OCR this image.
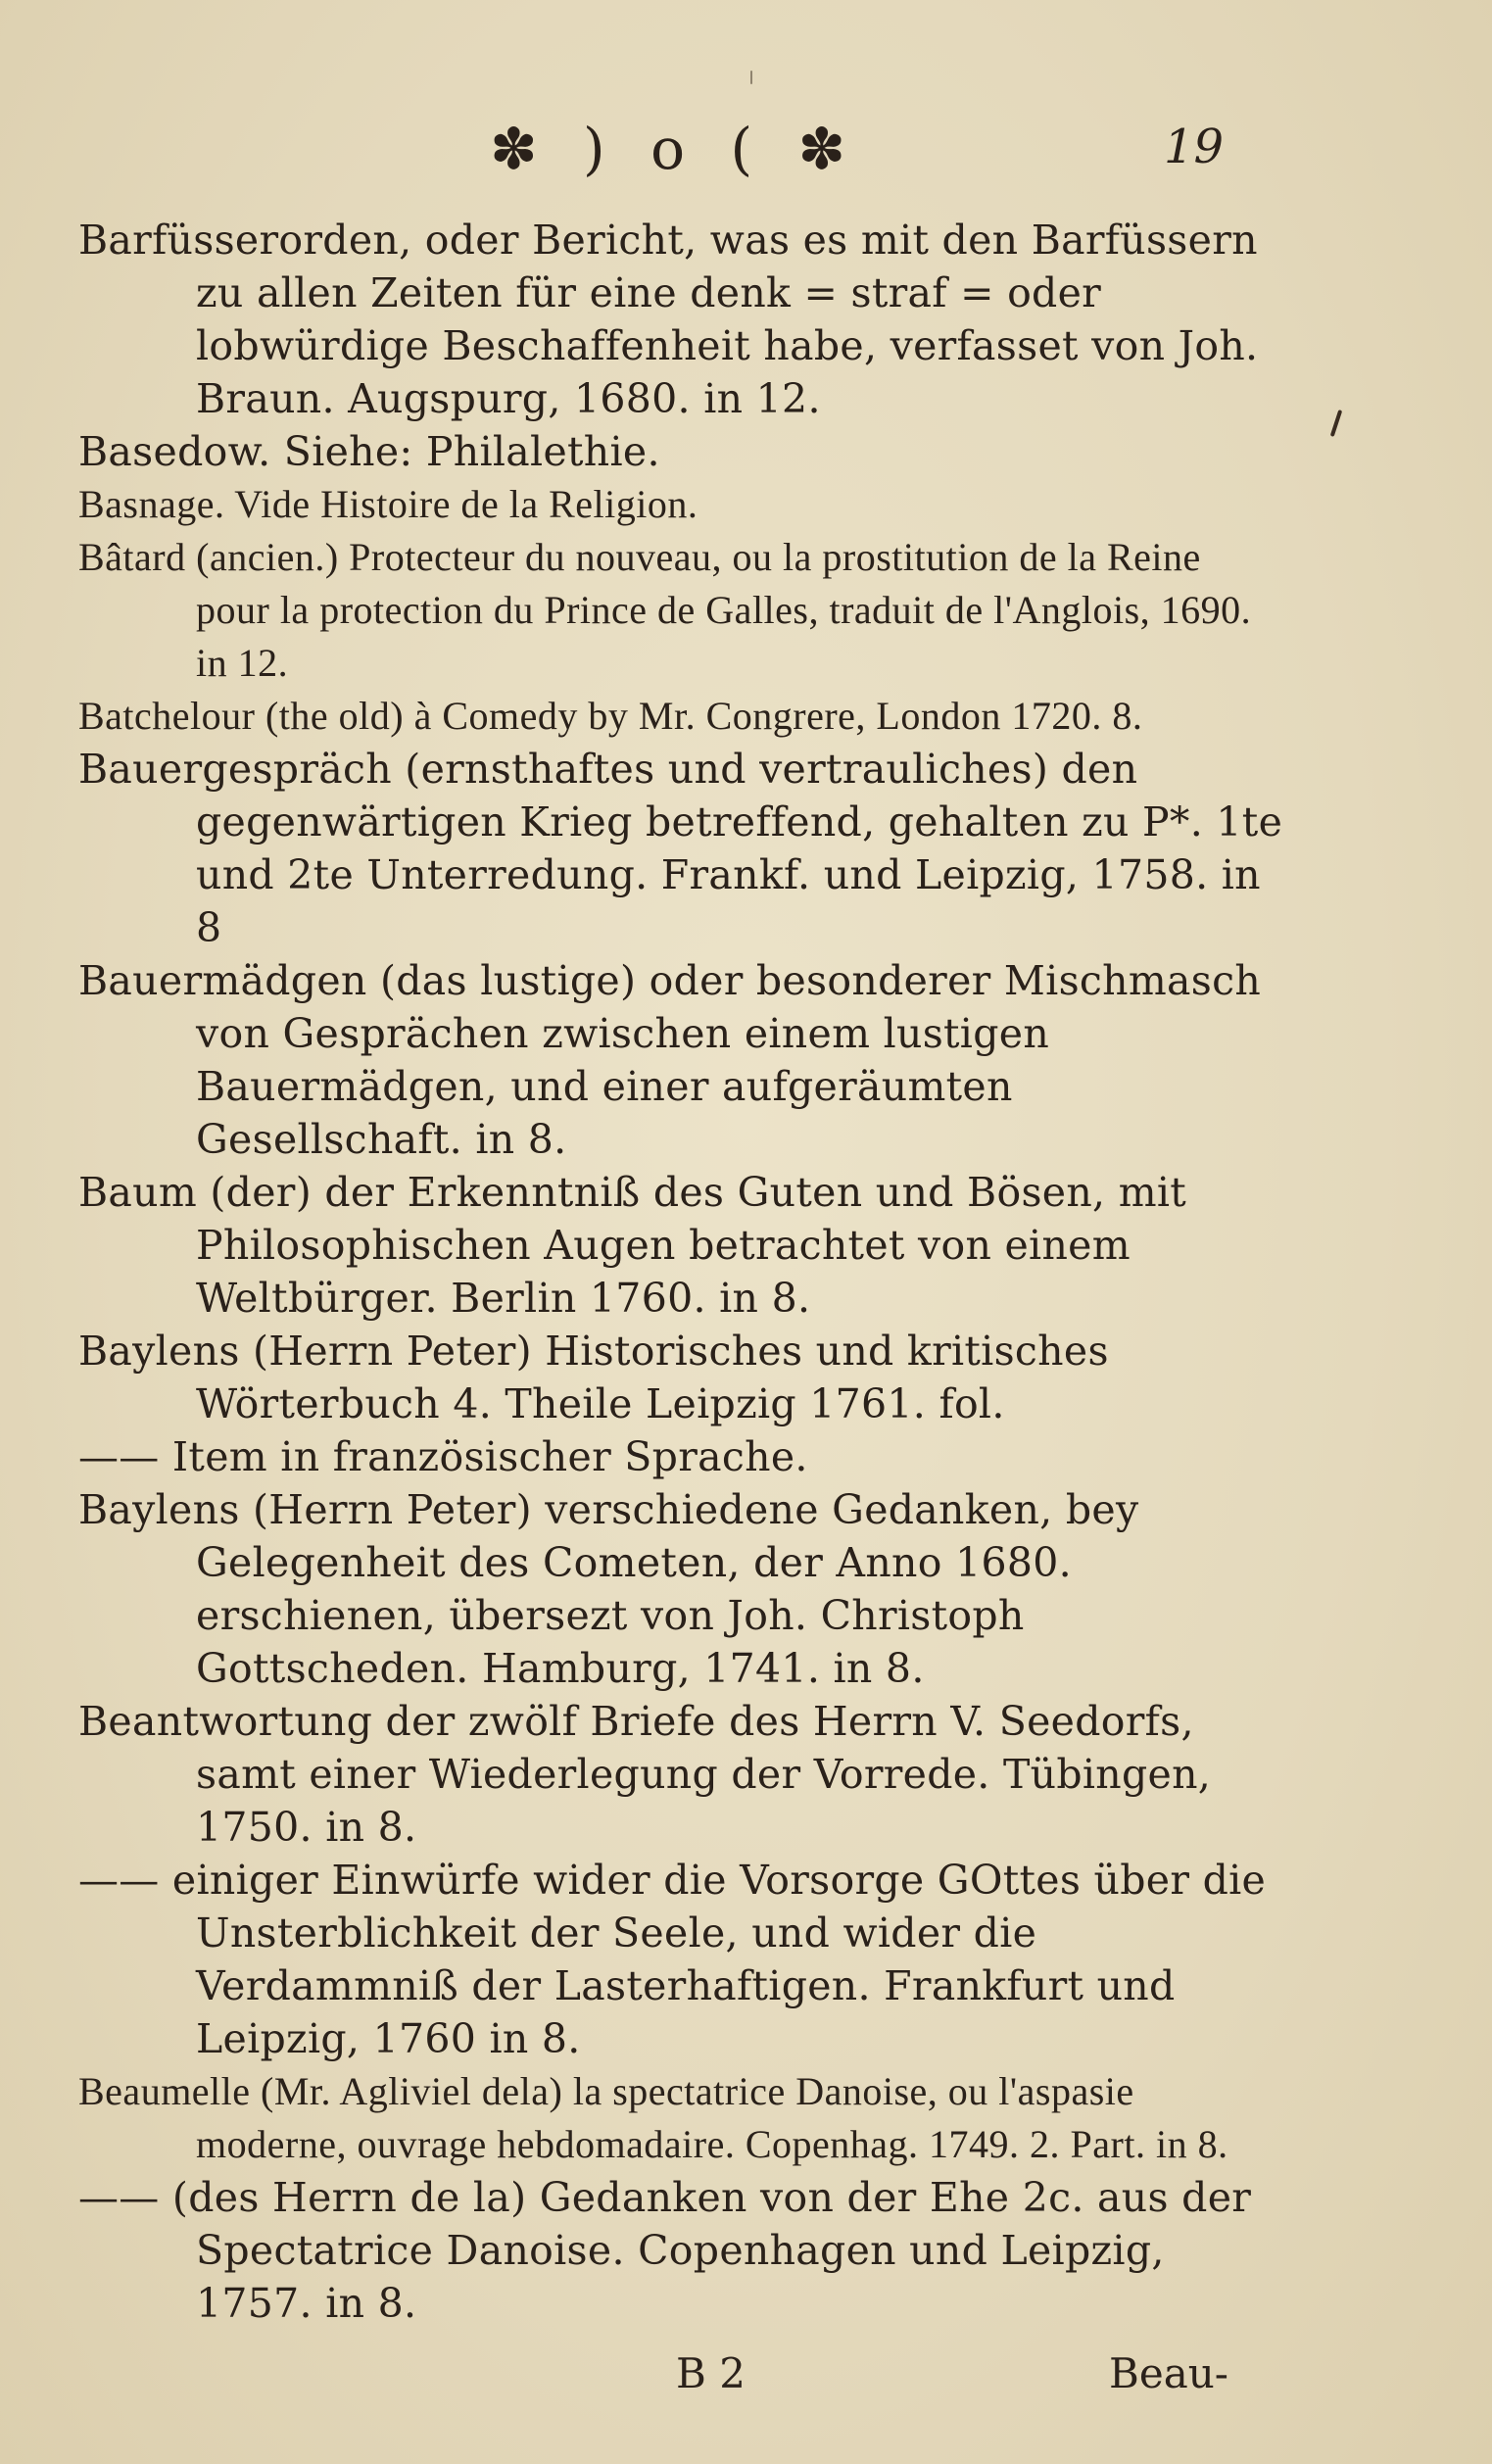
✽ ) o ( ✽	19

Barfüsserorden, oder Bericht, was es mit den Barfüssern zu allen Zeiten für eine denk = straf = oder lobwürdige Beschaffenheit habe, verfasset von Joh. Braun. Augspurg, 1680. in 12.

Basedow. Siehe: Philalethie.

Basnage. Vide Histoire de la Religion.

Bâtard (ancien.) Protecteur du nouveau, ou la prostitution de la Reine pour la protection du Prince de Galles, traduit de l'Anglois, 1690. in 12.

Batchelour (the old) à Comedy by Mr. Congrere, London 1720. 8.

Bauergespräch (ernsthaftes und vertrauliches) den gegenwärtigen Krieg betreffend, gehalten zu P*. 1te und 2te Unterredung. Frankf. und Leipzig, 1758. in 8

Bauermädgen (das lustige) oder besonderer Mischmasch von Gesprächen zwischen einem lustigen Bauermädgen, und einer aufgeräumten Gesellschaft. in 8.

Baum (der) der Erkenntniß des Guten und Bösen, mit Philosophischen Augen betrachtet von einem Weltbürger. Berlin 1760. in 8.

Baylens (Herrn Peter) Historisches und kritisches Wörterbuch 4. Theile Leipzig 1761. fol.

—— Item in französischer Sprache.

Baylens (Herrn Peter) verschiedene Gedanken, bey Gelegenheit des Cometen, der Anno 1680. erschienen, übersezt von Joh. Christoph Gottscheden. Hamburg, 1741. in 8.

Beantwortung der zwölf Briefe des Herrn V. Seedorfs, samt einer Wiederlegung der Vorrede. Tübingen, 1750. in 8.

—— einiger Einwürfe wider die Vorsorge GOttes über die Unsterblichkeit der Seele, und wider die Verdammniß der Lasterhaftigen. Frankfurt und Leipzig, 1760 in 8.

Beaumelle (Mr. Agliviel dela) la spectatrice Danoise, ou l'aspasie moderne, ouvrage hebdomadaire. Copenhag. 1749. 2. Part. in 8.

—— (des Herrn de la) Gedanken von der Ehe 2c. aus der Spectatrice Danoise. Copenhagen und Leipzig, 1757. in 8.

B 2	Beau-
